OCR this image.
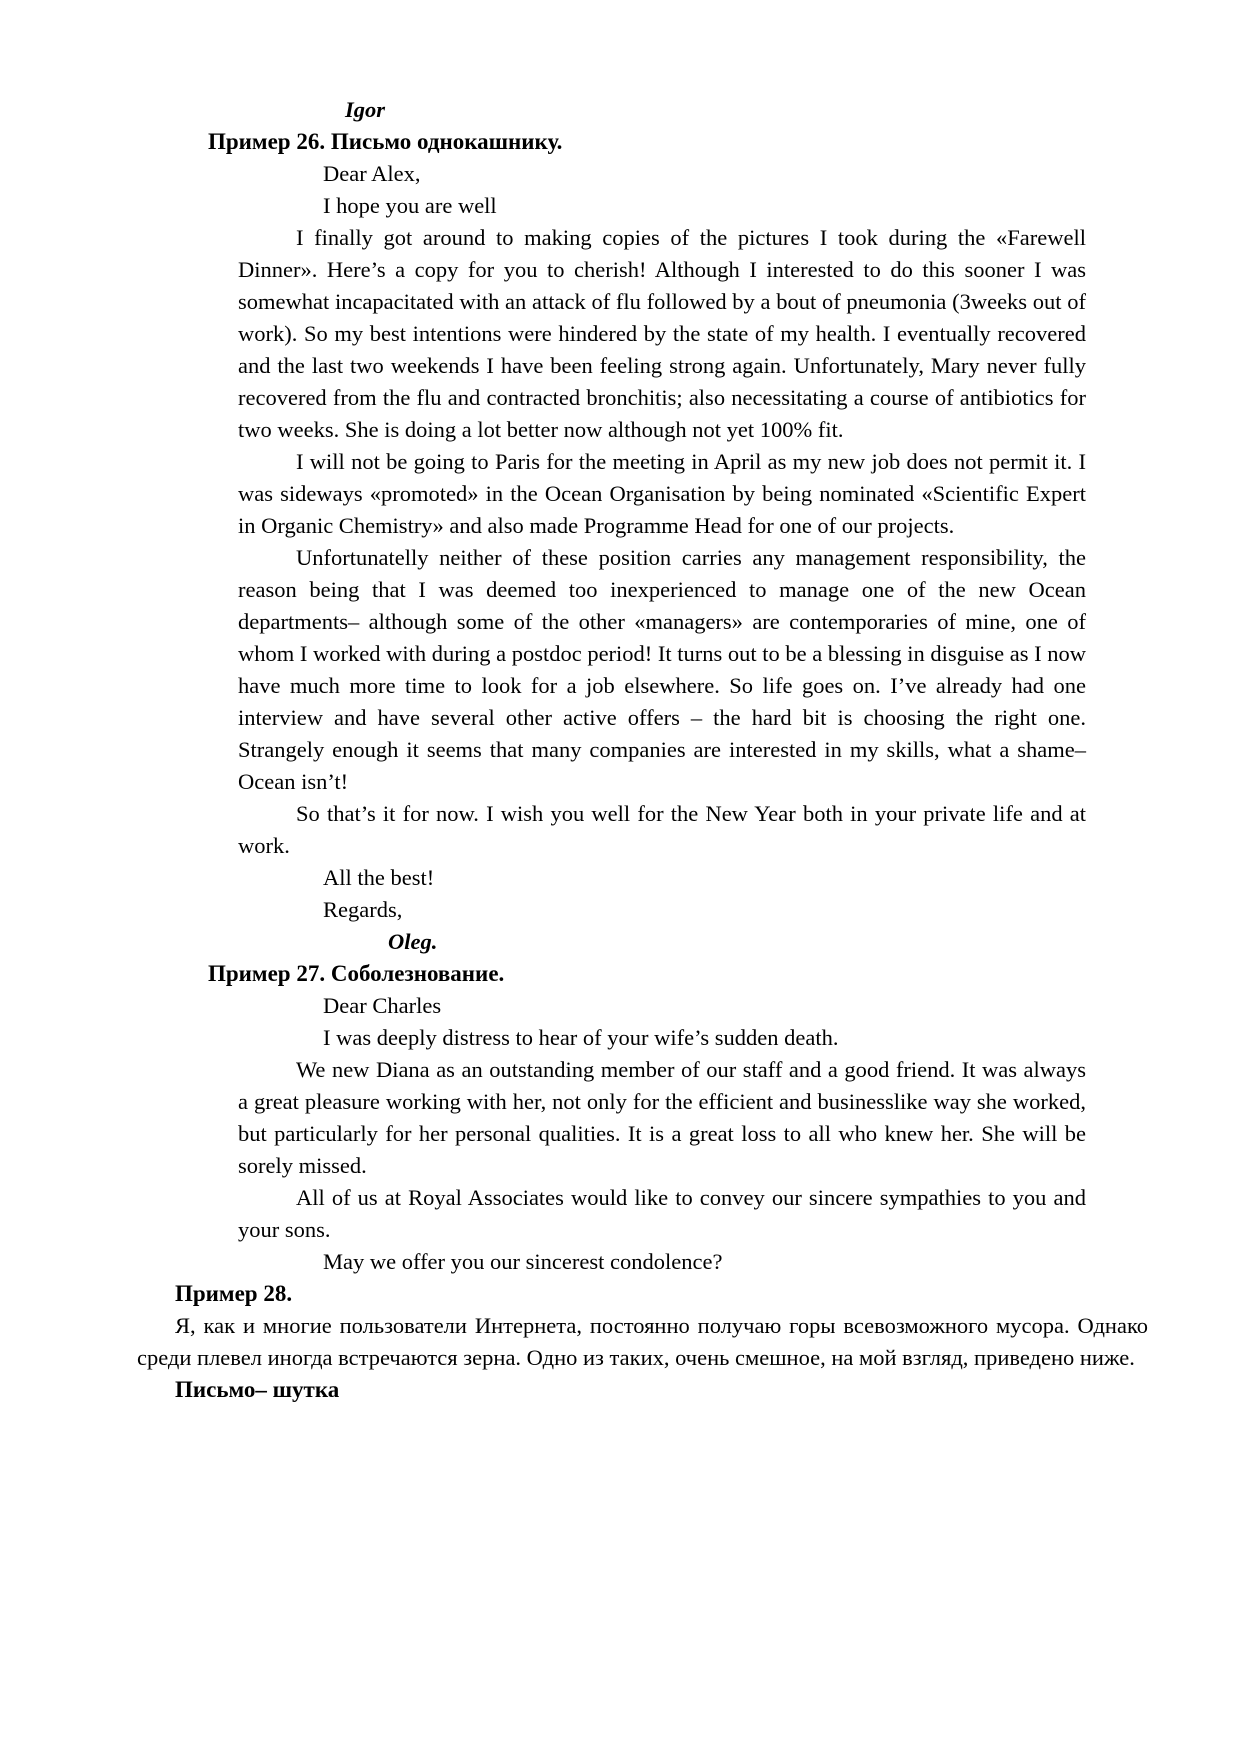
Igor

Пример 26. Письмо однокашнику.

Dear Alex,

I hope you are well

I finally got around to making copies of the pictures I took during the «Farewell Dinner». Here’s a copy for you to cherish! Although I interested to do this sooner I was somewhat incapacitated with an attack of flu followed by a bout of pneumonia (3weeks out of work). So my best intentions were hindered by the state of my health. I eventually recovered and the last two weekends I have been feeling strong again. Unfortunately, Mary never fully recovered from the flu and contracted bronchitis; also necessitating a course of antibiotics for two weeks. She is doing a lot better now although not yet 100% fit.

I will not be going to Paris for the meeting in April as my new job does not permit it. I was sideways «promoted» in the Ocean Organisation by being nominated «Scientific Expert in Organic Chemistry» and also made Programme Head for one of our projects.

Unfortunatelly neither of these position carries any management responsibility, the reason being that I was deemed too inexperienced to manage one of the new Ocean departments– although some of the other «managers» are contemporaries of mine, one of whom I worked with during a postdoc period! It turns out to be a blessing in disguise as I now have much more time to look for a job elsewhere. So life goes on. I’ve already had one interview and have several other active offers – the hard bit is choosing the right one. Strangely enough it seems that many companies are interested in my skills, what a shame– Ocean isn’t!

So that’s it for now. I wish you well for the New Year both in your private life and at work.

All the best!

Regards,

Oleg.

Пример 27. Соболезнование.

Dear Charles

I was deeply distress to hear of your wife’s sudden death.

We new Diana as an outstanding member of our staff and a good friend. It was always a great pleasure working with her, not only for the efficient and businesslike way she worked, but particularly for her personal qualities. It is a great loss to all who knew her. She will be sorely missed.

All of us at Royal Associates would like to convey our sincere sympathies to you and your sons.

May we offer you our sincerest condolence?

Пример 28.

Я, как и многие пользователи Интернета, постоянно получаю горы всевозможного мусора. Однако среди плевел иногда встречаются зерна. Одно из таких, очень смешное, на мой взгляд, приведено ниже.

Письмо– шутка
